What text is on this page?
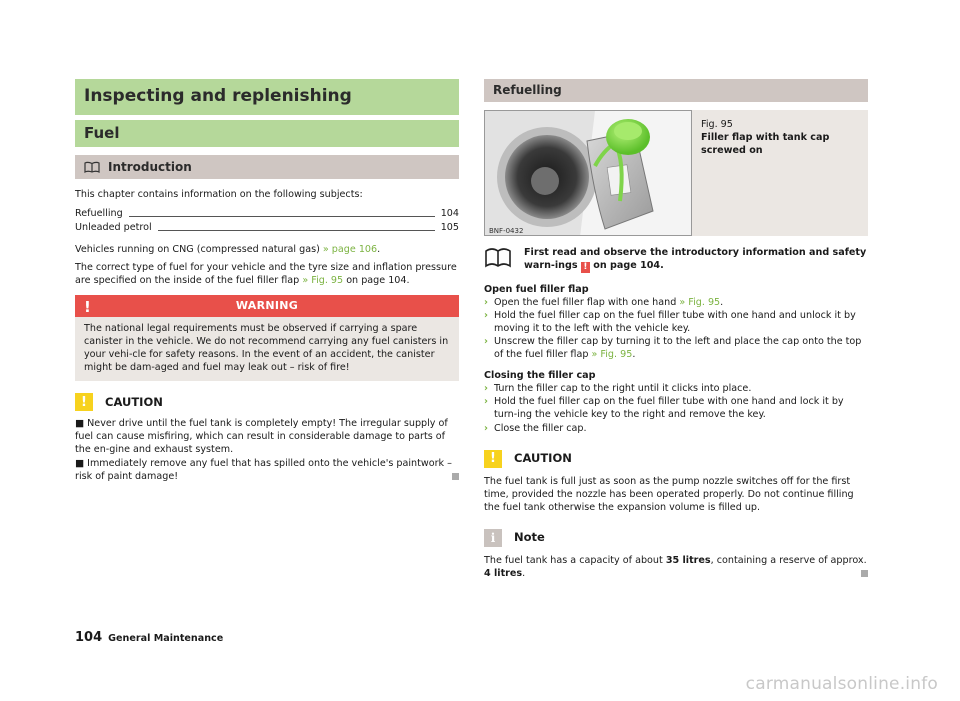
Inspecting and replenishing
Fuel
Introduction

This chapter contains information on the following subjects:

Refuelling	104
Unleaded petrol	105

Vehicles running on CNG (compressed natural gas) » page 106.

The correct type of fuel for your vehicle and the tyre size and inflation pressure are specified on the inside of the fuel filler flap » Fig. 95 on page 104.

!	WARNING
The national legal requirements must be observed if carrying a spare canister in the vehicle. We do not recommend carrying any fuel canisters in your vehi-cle for safety reasons. In the event of an accident, the canister might be dam-aged and fuel may leak out – risk of fire!
!	CAUTION

■ Never drive until the fuel tank is completely empty! The irregular supply of fuel can cause misfiring, which can result in considerable damage to parts of the en-gine and exhaust system.

■ Immediately remove any fuel that has spilled onto the vehicle's paintwork – risk of paint damage!

Refuelling
BNF-0432
Fig. 95
Filler flap with tank cap screwed on
First read and observe the introductory information and safety warn-ings ! on page 104.
Open fuel filler flap
› Open the fuel filler flap with one hand » Fig. 95.
› Hold the fuel filler cap on the fuel filler tube with one hand and unlock it by moving it to the left with the vehicle key.
› Unscrew the filler cap by turning it to the left and place the cap onto the top of the fuel filler flap » Fig. 95.
Closing the filler cap
› Turn the filler cap to the right until it clicks into place.
› Hold the fuel filler cap on the fuel filler tube with one hand and lock it by turn-ing the vehicle key to the right and remove the key.
› Close the filler cap.
!	CAUTION

The fuel tank is full just as soon as the pump nozzle switches off for the first time, provided the nozzle has been operated properly. Do not continue filling the fuel tank otherwise the expansion volume is filled up.

i	Note

The fuel tank has a capacity of about 35 litres, containing a reserve of approx.
4 litres.

104 General Maintenance
carmanualsonline.info
